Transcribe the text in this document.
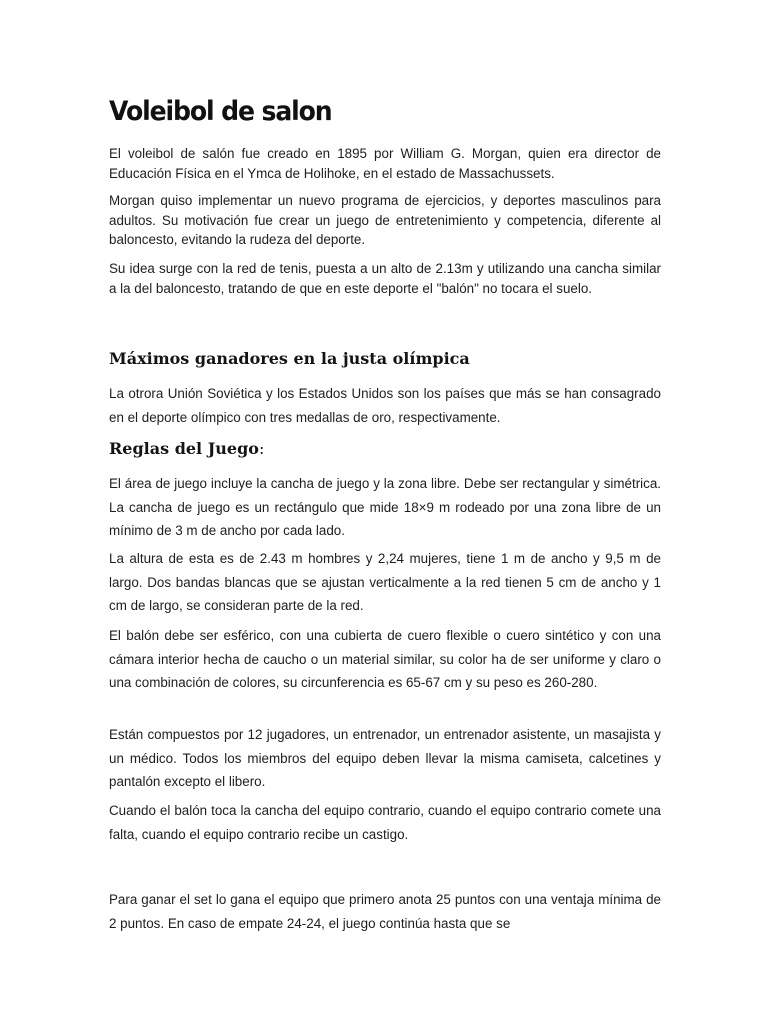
Voleibol de salon

El voleibol de salón fue creado en 1895 por William G. Morgan, quien era director de Educación Física en el Ymca de Holihoke, en el estado de Massachussets.

Morgan quiso implementar un nuevo programa de ejercicios, y deportes masculinos para adultos. Su motivación fue crear un juego de entretenimiento y competencia, diferente al baloncesto, evitando la rudeza del deporte.

Su idea surge con la red de tenis, puesta a un alto de 2.13m y utilizando una cancha similar a la del baloncesto, tratando de que en este deporte el "balón" no tocara el suelo.

Máximos ganadores en la justa olímpica

La otrora Unión Soviética y los Estados Unidos son los países que más se han consagrado en el deporte olímpico con tres medallas de oro, respectivamente.

Reglas del Juego:

El área de juego incluye la cancha de juego y la zona libre. Debe ser rectangular y simétrica. La cancha de juego es un rectángulo que mide 18×9 m rodeado por una zona libre de un mínimo de 3 m de ancho por cada lado.

La altura de esta es de 2.43 m hombres y 2,24 mujeres, tiene 1 m de ancho y 9,5 m de largo. Dos bandas blancas que se ajustan verticalmente a la red tienen 5 cm de ancho y 1 cm de largo, se consideran parte de la red.

El balón debe ser esférico, con una cubierta de cuero flexible o cuero sintético y con una cámara interior hecha de caucho o un material similar, su color ha de ser uniforme y claro o una combinación de colores, su circunferencia es 65-67 cm y su peso es 260-280.

Están compuestos por 12 jugadores, un entrenador, un entrenador asistente, un masajista y un médico. Todos los miembros del equipo deben llevar la misma camiseta, calcetines y pantalón excepto el libero.

Cuando el balón toca la cancha del equipo contrario, cuando el equipo contrario comete una falta, cuando el equipo contrario recibe un castigo.

Para ganar el set lo gana el equipo que primero anota 25 puntos con una ventaja mínima de 2 puntos. En caso de empate 24-24, el juego continúa hasta que se
